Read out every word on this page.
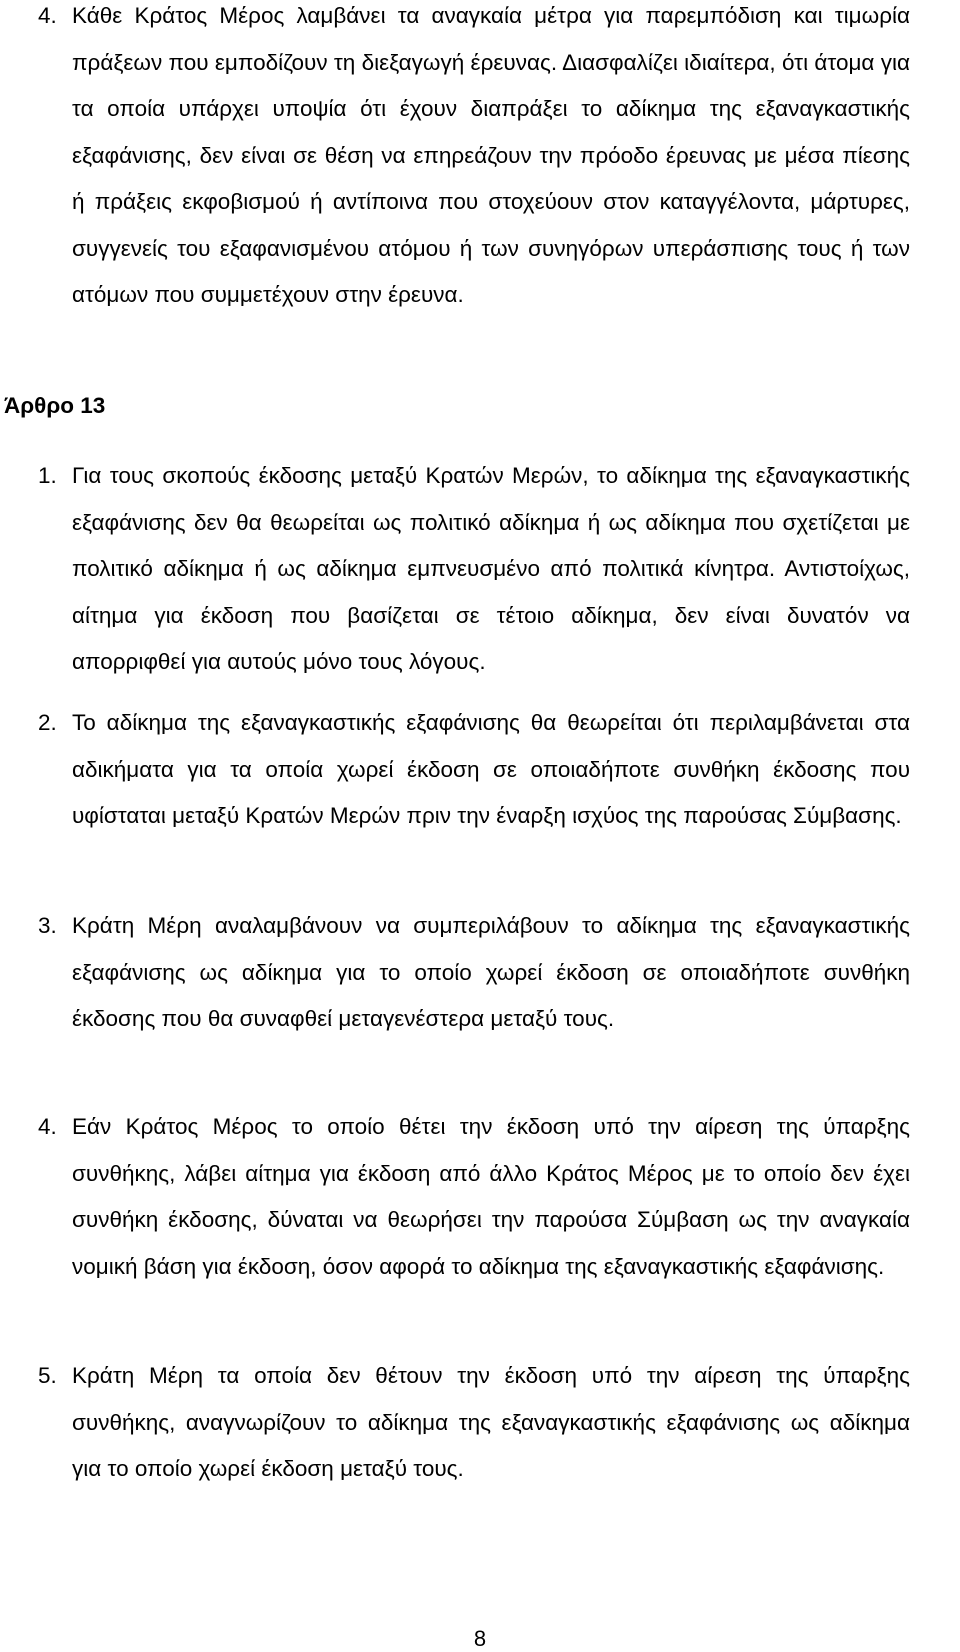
4. Κάθε Κράτος Μέρος λαμβάνει τα αναγκαία μέτρα για παρεμπόδιση και τιμωρία πράξεων που εμποδίζουν τη διεξαγωγή έρευνας. Διασφαλίζει ιδιαίτερα, ότι άτομα για τα οποία υπάρχει υποψία ότι έχουν διαπράξει το αδίκημα της εξαναγκαστικής εξαφάνισης, δεν είναι σε θέση να επηρεάζουν την πρόοδο έρευνας με μέσα πίεσης ή πράξεις εκφοβισμού ή αντίποινα που στοχεύουν στον καταγγέλοντα, μάρτυρες, συγγενείς του εξαφανισμένου ατόμου ή των συνηγόρων υπεράσπισης τους ή των ατόμων που συμμετέχουν στην έρευνα.
Άρθρο 13
1. Για τους σκοπούς έκδοσης μεταξύ Κρατών Μερών, το αδίκημα της εξαναγκαστικής εξαφάνισης δεν θα θεωρείται ως πολιτικό αδίκημα ή ως αδίκημα που σχετίζεται με πολιτικό αδίκημα ή ως αδίκημα εμπνευσμένο από πολιτικά κίνητρα. Αντιστοίχως, αίτημα για έκδοση που βασίζεται σε τέτοιο αδίκημα, δεν είναι δυνατόν να απορριφθεί για αυτούς μόνο τους λόγους.
2. Το αδίκημα της εξαναγκαστικής εξαφάνισης θα θεωρείται ότι περιλαμβάνεται στα αδικήματα για τα οποία χωρεί έκδοση σε οποιαδήποτε συνθήκη έκδοσης που υφίσταται μεταξύ Κρατών Μερών πριν την έναρξη ισχύος της παρούσας Σύμβασης.
3. Κράτη Μέρη αναλαμβάνουν να συμπεριλάβουν το αδίκημα της εξαναγκαστικής εξαφάνισης ως αδίκημα για το οποίο χωρεί έκδοση σε οποιαδήποτε συνθήκη έκδοσης που θα συναφθεί μεταγενέστερα μεταξύ τους.
4. Εάν Κράτος Μέρος το οποίο θέτει την έκδοση υπό την αίρεση της ύπαρξης συνθήκης, λάβει αίτημα για έκδοση από άλλο Κράτος Μέρος με το οποίο δεν έχει συνθήκη έκδοσης, δύναται να θεωρήσει την παρούσα Σύμβαση ως την αναγκαία νομική βάση για έκδοση, όσον αφορά το αδίκημα της εξαναγκαστικής εξαφάνισης.
5. Κράτη Μέρη τα οποία δεν θέτουν την έκδοση υπό την αίρεση της ύπαρξης συνθήκης, αναγνωρίζουν το αδίκημα της εξαναγκαστικής εξαφάνισης ως αδίκημα για το οποίο χωρεί έκδοση μεταξύ τους.
8
